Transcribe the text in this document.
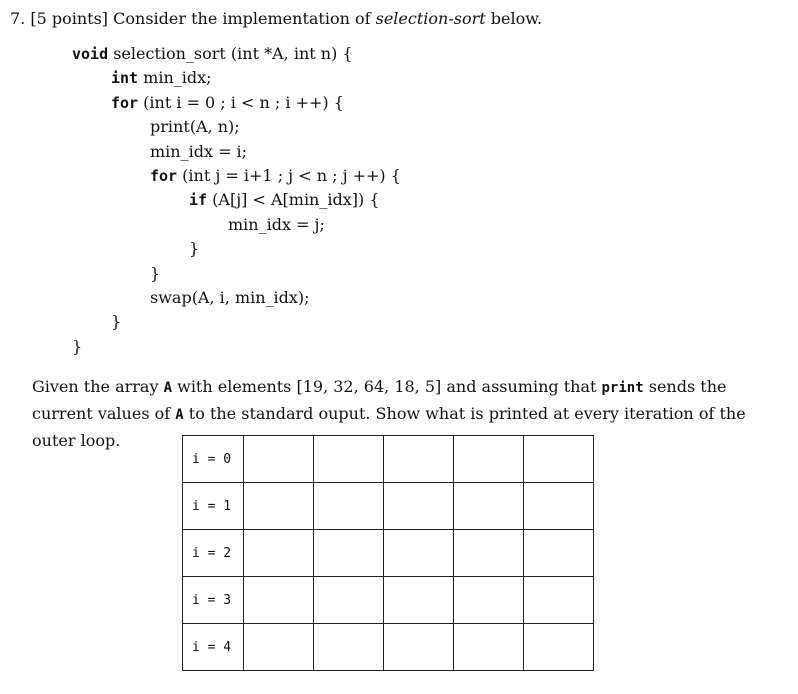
7. [5 points] Consider the implementation of selection-sort below.
void selection_sort (int *A, int n) {
int min_idx;
for (int i = 0 ; i < n ; i ++) {
print(A, n);
min_idx = i;
for (int j = i+1 ; j < n ; j ++) {
if (A[j] < A[min_idx]) {
min_idx = j;
}
}
swap(A, i, min_idx);
}
}
Given the array A with elements [19, 32, 64, 18, 5] and assuming that print sends the current values of A to the standard ouput. Show what is printed at every iteration of the outer loop.
i = 0					
i = 1					
i = 2					
i = 3					
i = 4					
